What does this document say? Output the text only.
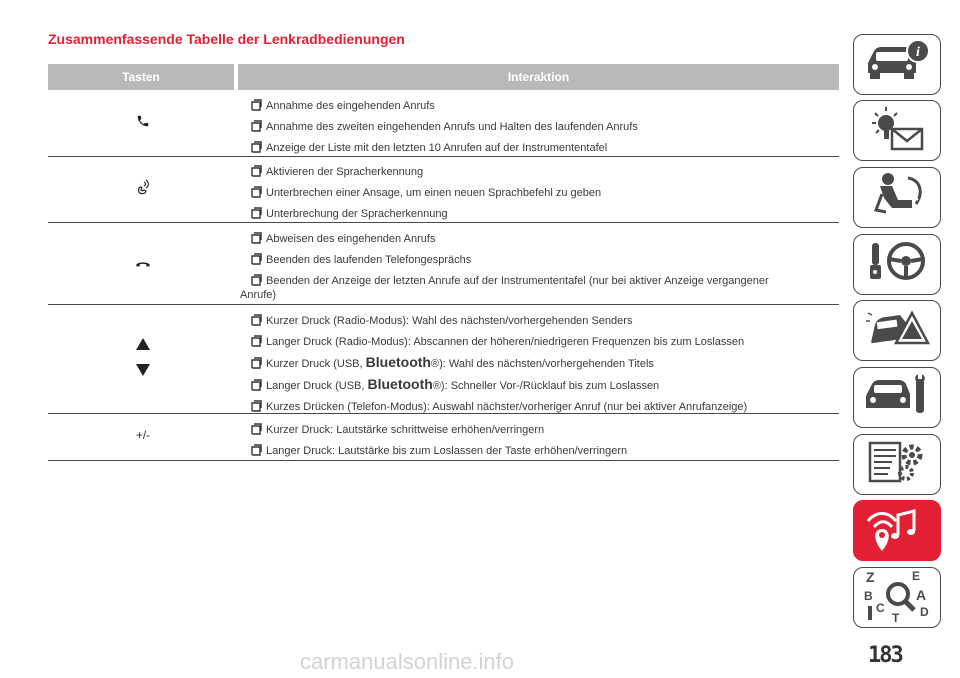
Zusammenfassende Tabelle der Lenkradbedienungen
Tasten	Interaktion
Annahme des eingehenden Anrufs
Annahme des zweiten eingehenden Anrufs und Halten des laufenden Anrufs
Anzeige der Liste mit den letzten 10 Anrufen auf der Instrumententafel
Aktivieren der Spracherkennung
Unterbrechen einer Ansage, um einen neuen Sprachbefehl zu geben
Unterbrechung der Spracherkennung
Abweisen des eingehenden Anrufs
Beenden des laufenden Telefongesprächs
Beenden der Anzeige der letzten Anrufe auf der Instrumententafel (nur bei aktiver Anzeige vergangener
Anrufe)
Kurzer Druck (Radio-Modus): Wahl des nächsten/vorhergehenden Senders
Langer Druck (Radio-Modus): Abscannen der höheren/niedrigeren Frequenzen bis zum Loslassen
Kurzer Druck (USB, Bluetooth®): Wahl des nächsten/vorhergehenden Titels
Langer Druck (USB, Bluetooth®): Schneller Vor-/Rücklauf bis zum Loslassen
Kurzes Drücken (Telefon-Modus): Auswahl nächster/vorheriger Anruf (nur bei aktiver Anrufanzeige)
+/-	Kurzer Druck: Lautstärke schrittweise erhöhen/verringern
Langer Druck: Lautstärke bis zum Loslassen der Taste erhöhen/verringern
i
Z	E
B	A
C	D
T
183
carmanualsonline.info
